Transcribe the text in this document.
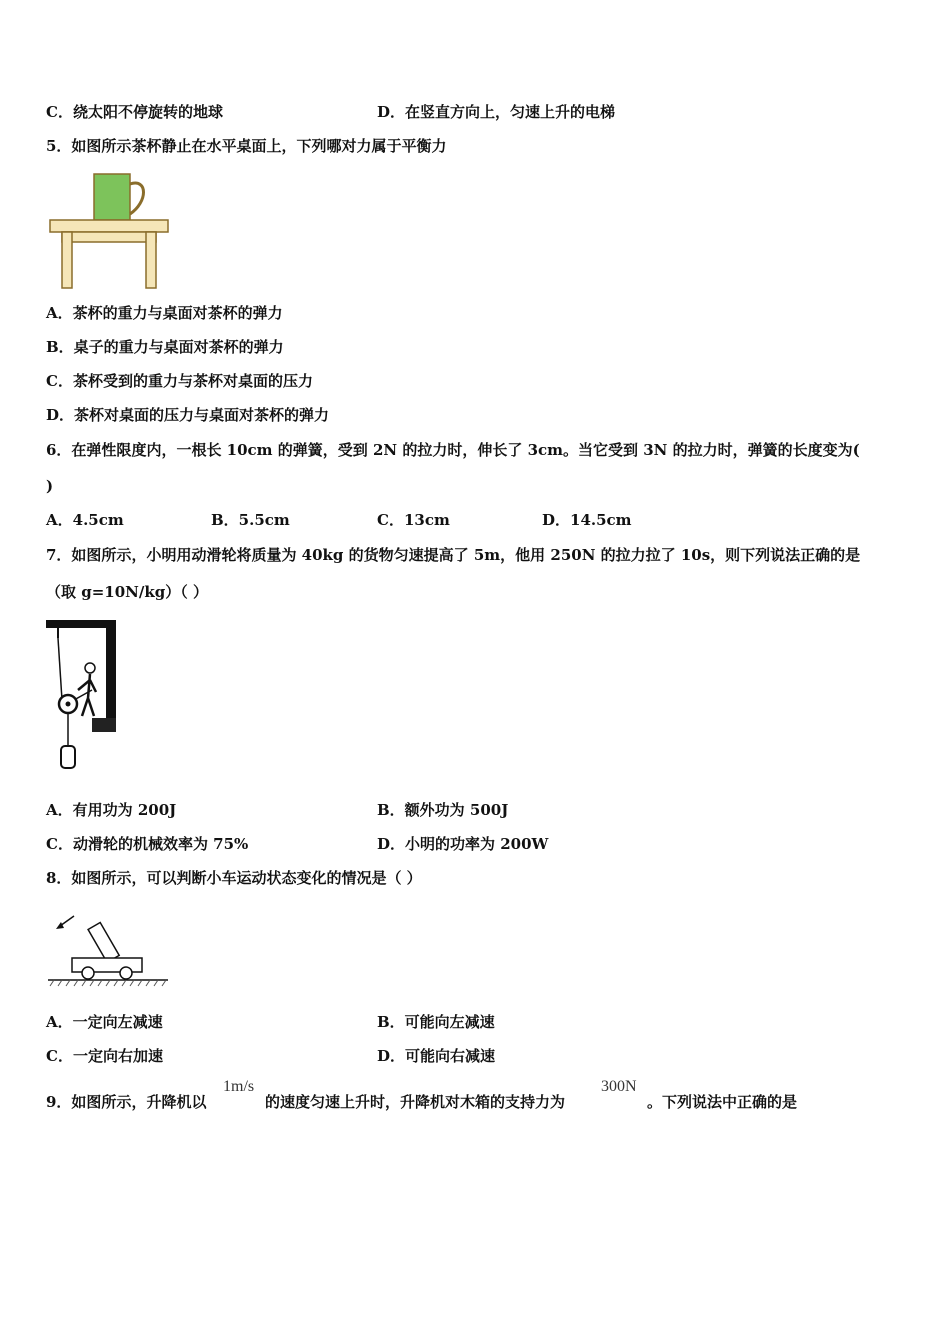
C．绕太阳不停旋转的地球	D．在竖直方向上，匀速上升的电梯
5．如图所示茶杯静止在水平桌面上，下列哪对力属于平衡力
A．茶杯的重力与桌面对茶杯的弹力
B．桌子的重力与桌面对茶杯的弹力
C．茶杯受到的重力与茶杯对桌面的压力
D．茶杯对桌面的压力与桌面对茶杯的弹力
6．在弹性限度内，一根长 10cm 的弹簧，受到 2N 的拉力时，伸长了 3cm。当它受到 3N 的拉力时，弹簧的长度变为(
)
A．4.5cm	B．5.5cm	C．13cm	D．14.5cm
7．如图所示，小明用动滑轮将质量为 40kg 的货物匀速提高了 5m，他用 250N 的拉力拉了 10s，则下列说法正确的是
（取 g=10N/kg）（ ）
A．有用功为 200J	B．额外功为 500J
C．动滑轮的机械效率为 75%	D．小明的功率为 200W
8．如图所示，可以判断小车运动状态变化的情况是（ ）
A．一定向左减速	B．可能向左减速
C．一定向右加速	D．可能向右减速
9．如图所示，升降机以
1m/s
的速度匀速上升时，升降机对木箱的支持力为
300N
。下列说法中正确的是
